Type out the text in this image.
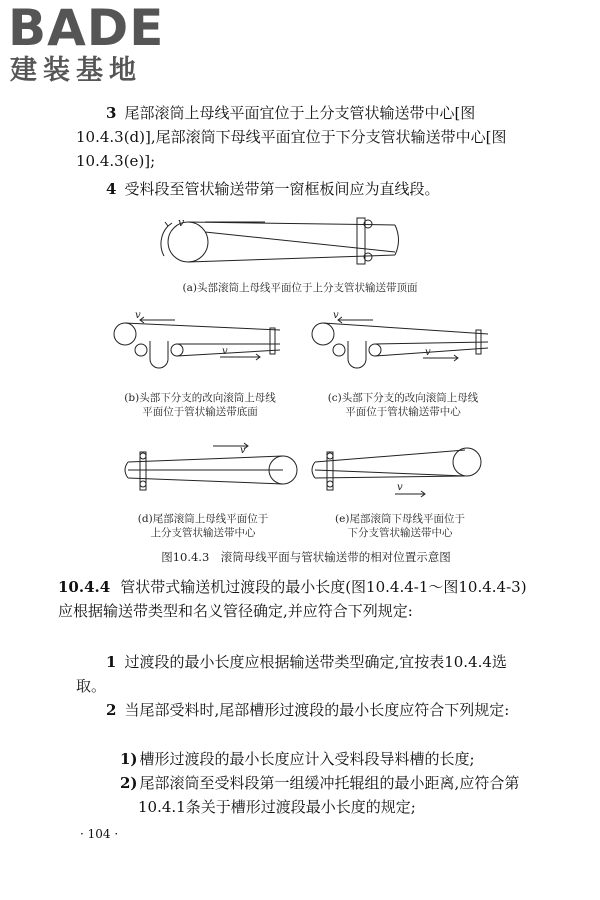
BADE
建装基地

3 尾部滚筒上母线平面宜位于上分支管状输送带中心[图10.4.3(d)],尾部滚筒下母线平面宜位于下分支管状输送带中心[图10.4.3(e)];

4 受料段至管状输送带第一窗框板间应为直线段。

v

(a)头部滚筒上母线平面位于上分支管状输送带顶面

v
v

(b)头部下分支的改向滚筒上母线
平面位于管状输送带底面

v
v

(c)头部下分支的改向滚筒上母线
平面位于管状输送带中心

v

(d)尾部滚筒上母线平面位于
上分支管状输送带中心

v

(e)尾部滚筒下母线平面位于
下分支管状输送带中心

图10.4.3　滚筒母线平面与管状输送带的相对位置示意图

10.4.4 管状带式输送机过渡段的最小长度(图10.4.4-1～图10.4.4-3)应根据输送带类型和名义管径确定,并应符合下列规定:

1 过渡段的最小长度应根据输送带类型确定,宜按表10.4.4选取。

2 当尾部受料时,尾部槽形过渡段的最小长度应符合下列规定:

1) 槽形过渡段的最小长度应计入受料段导料槽的长度;

2) 尾部滚筒至受料段第一组缓冲托辊组的最小距离,应符合第10.4.1条关于槽形过渡段最小长度的规定;

· 104 ·
